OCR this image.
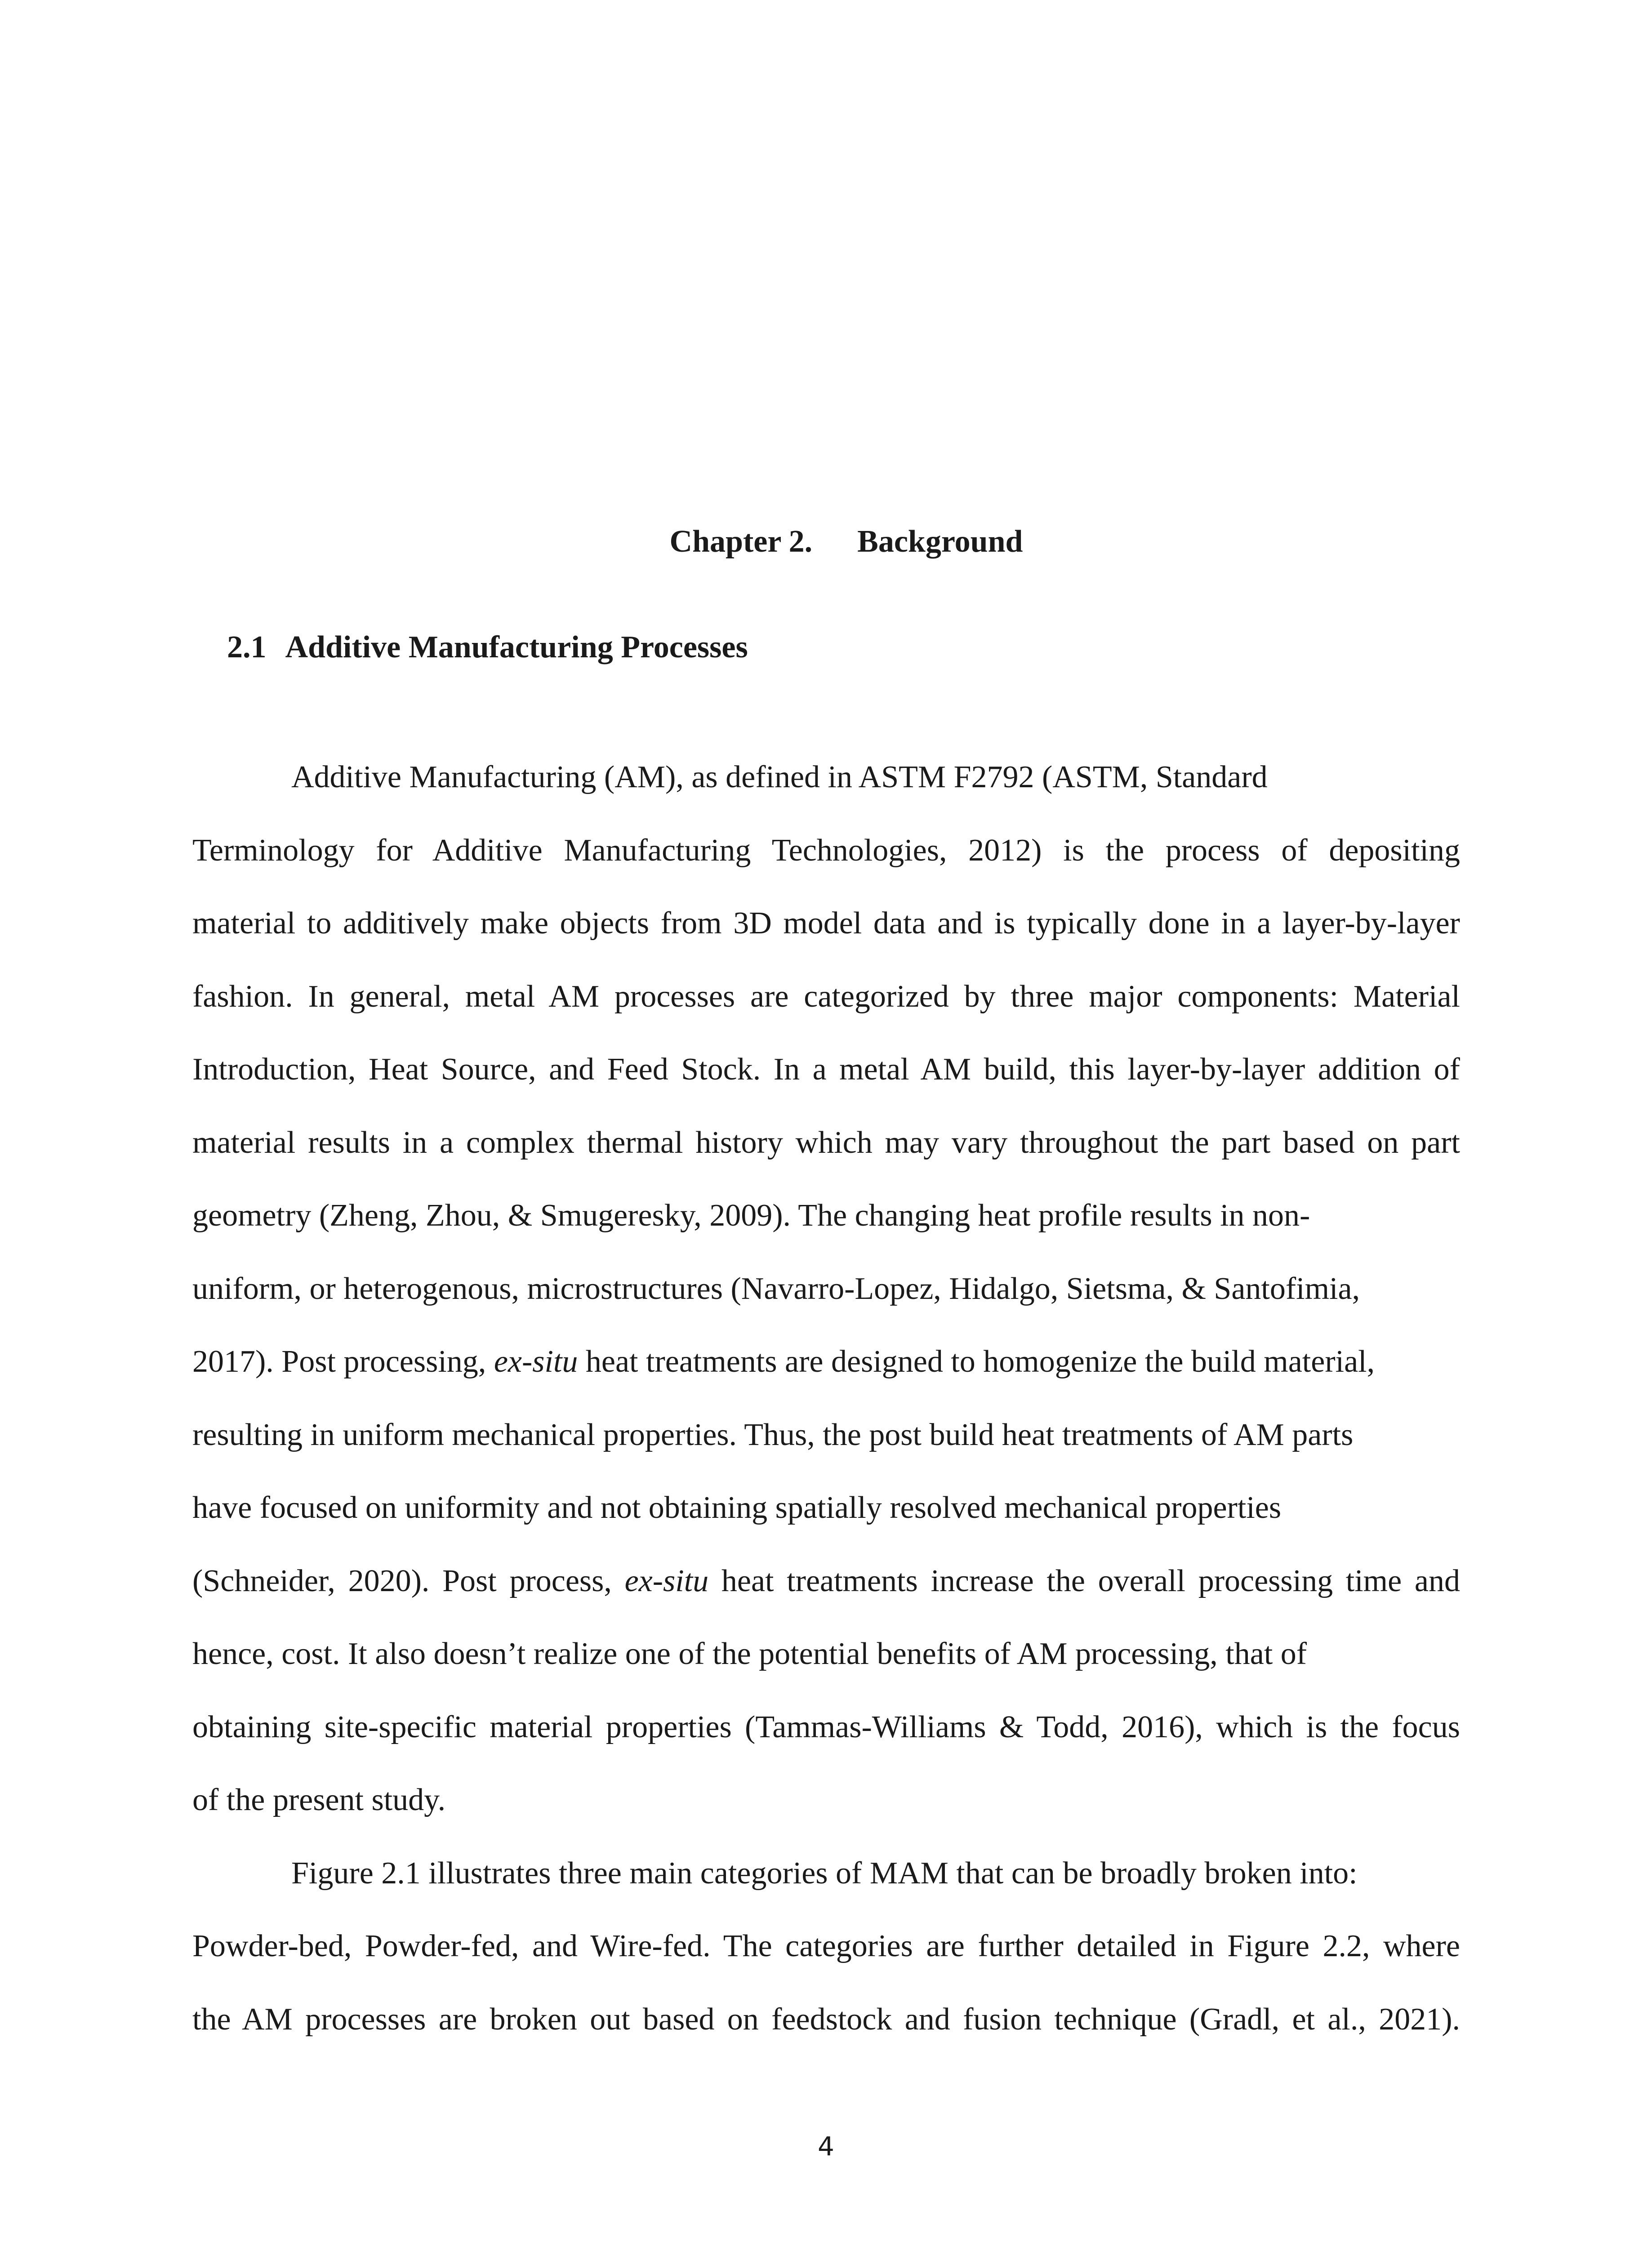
Chapter 2. Background
2.1 Additive Manufacturing Processes
Additive Manufacturing (AM), as defined in ASTM F2792 (ASTM, Standard
Terminology for Additive Manufacturing Technologies, 2012) is the process of depositing
material to additively make objects from 3D model data and is typically done in a layer-by-layer
fashion. In general, metal AM processes are categorized by three major components: Material
Introduction, Heat Source, and Feed Stock. In a metal AM build, this layer-by-layer addition of
material results in a complex thermal history which may vary throughout the part based on part
geometry (Zheng, Zhou, & Smugeresky, 2009). The changing heat profile results in non-
uniform, or heterogenous, microstructures (Navarro-Lopez, Hidalgo, Sietsma, & Santofimia,
2017). Post processing, ex-situ heat treatments are designed to homogenize the build material,
resulting in uniform mechanical properties. Thus, the post build heat treatments of AM parts
have focused on uniformity and not obtaining spatially resolved mechanical properties
(Schneider, 2020). Post process, ex-situ heat treatments increase the overall processing time and
hence, cost. It also doesn’t realize one of the potential benefits of AM processing, that of
obtaining site-specific material properties (Tammas-Williams & Todd, 2016), which is the focus
of the present study.
Figure 2.1 illustrates three main categories of MAM that can be broadly broken into:
Powder-bed, Powder-fed, and Wire-fed. The categories are further detailed in Figure 2.2, where
the AM processes are broken out based on feedstock and fusion technique (Gradl, et al., 2021).
4
